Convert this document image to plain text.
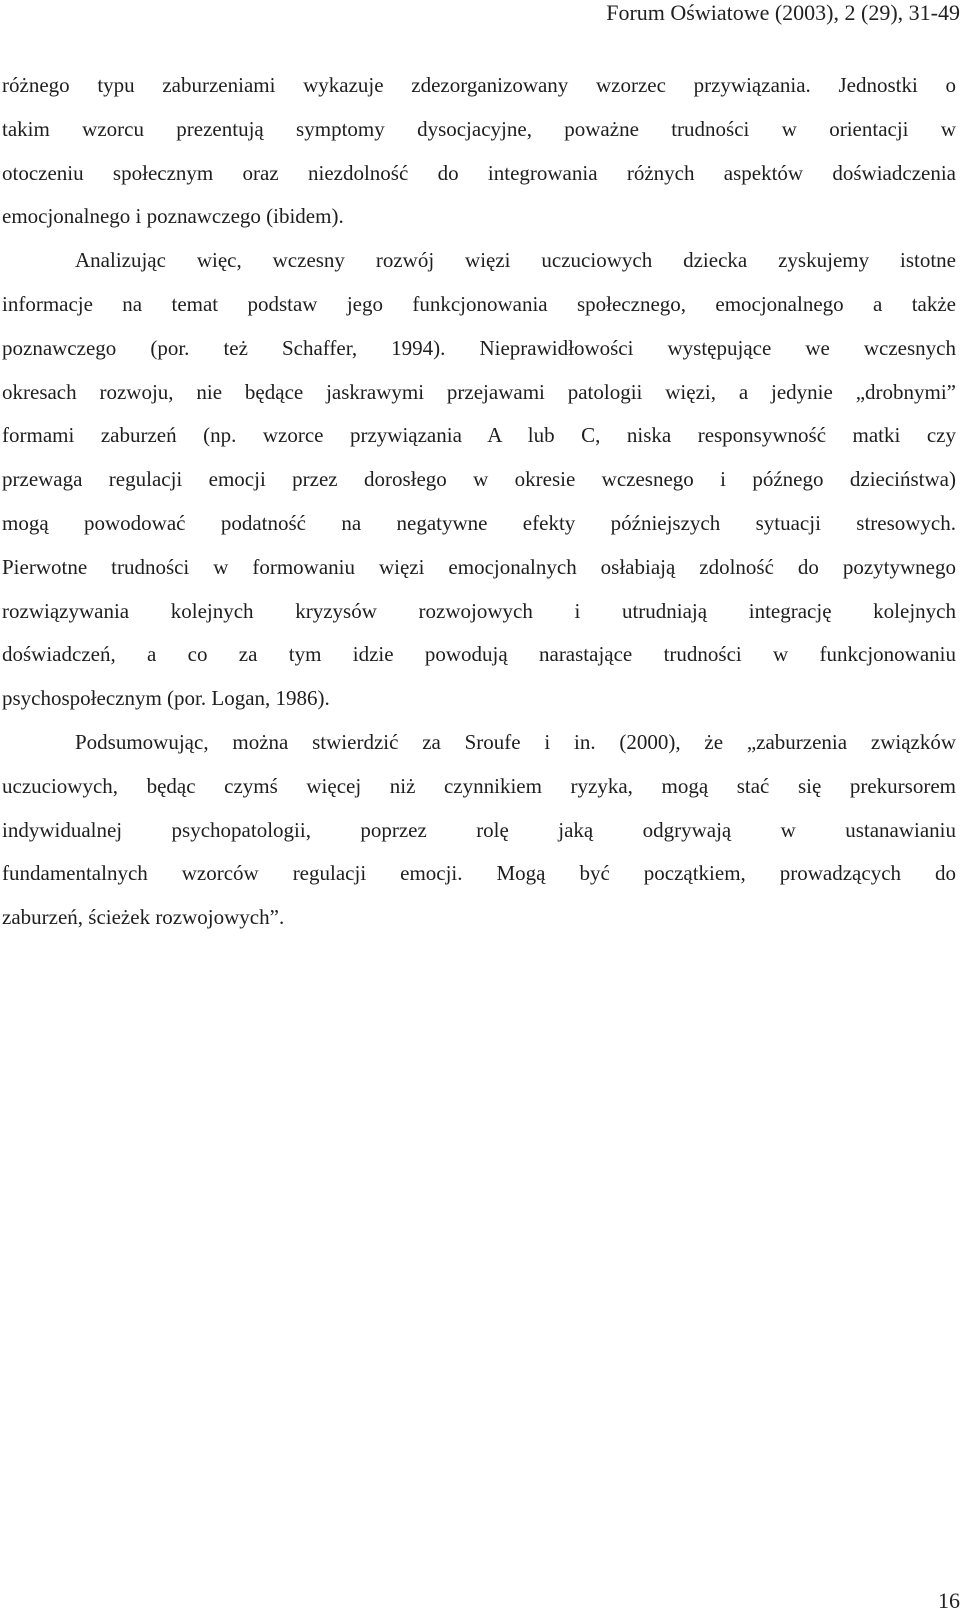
Forum Oświatowe (2003), 2 (29), 31-49
różnego typu zaburzeniami wykazuje zdezorganizowany wzorzec przywiązania. Jednostki o
takim wzorcu prezentują symptomy dysocjacyjne, poważne trudności w orientacji w
otoczeniu społecznym oraz niezdolność do integrowania różnych aspektów doświadczenia
emocjonalnego i poznawczego (ibidem).
Analizując więc, wczesny rozwój więzi uczuciowych dziecka zyskujemy istotne
informacje na temat podstaw jego funkcjonowania społecznego, emocjonalnego a także
poznawczego (por. też Schaffer, 1994). Nieprawidłowości występujące we wczesnych
okresach rozwoju, nie będące jaskrawymi przejawami patologii więzi, a jedynie „drobnymi”
formami zaburzeń (np. wzorce przywiązania A lub C, niska responsywność matki czy
przewaga regulacji emocji przez dorosłego w okresie wczesnego i późnego dzieciństwa)
mogą powodować podatność na negatywne efekty późniejszych sytuacji stresowych.
Pierwotne trudności w formowaniu więzi emocjonalnych osłabiają zdolność do pozytywnego
rozwiązywania kolejnych kryzysów rozwojowych i utrudniają integrację kolejnych
doświadczeń, a co za tym idzie powodują narastające trudności w funkcjonowaniu
psychospołecznym (por. Logan, 1986).
Podsumowując, można stwierdzić za Sroufe i in. (2000), że „zaburzenia związków
uczuciowych, będąc czymś więcej niż czynnikiem ryzyka, mogą stać się prekursorem
indywidualnej psychopatologii, poprzez rolę jaką odgrywają w ustanawianiu
fundamentalnych wzorców regulacji emocji. Mogą być początkiem, prowadzących do
zaburzeń, ścieżek rozwojowych”.
16
